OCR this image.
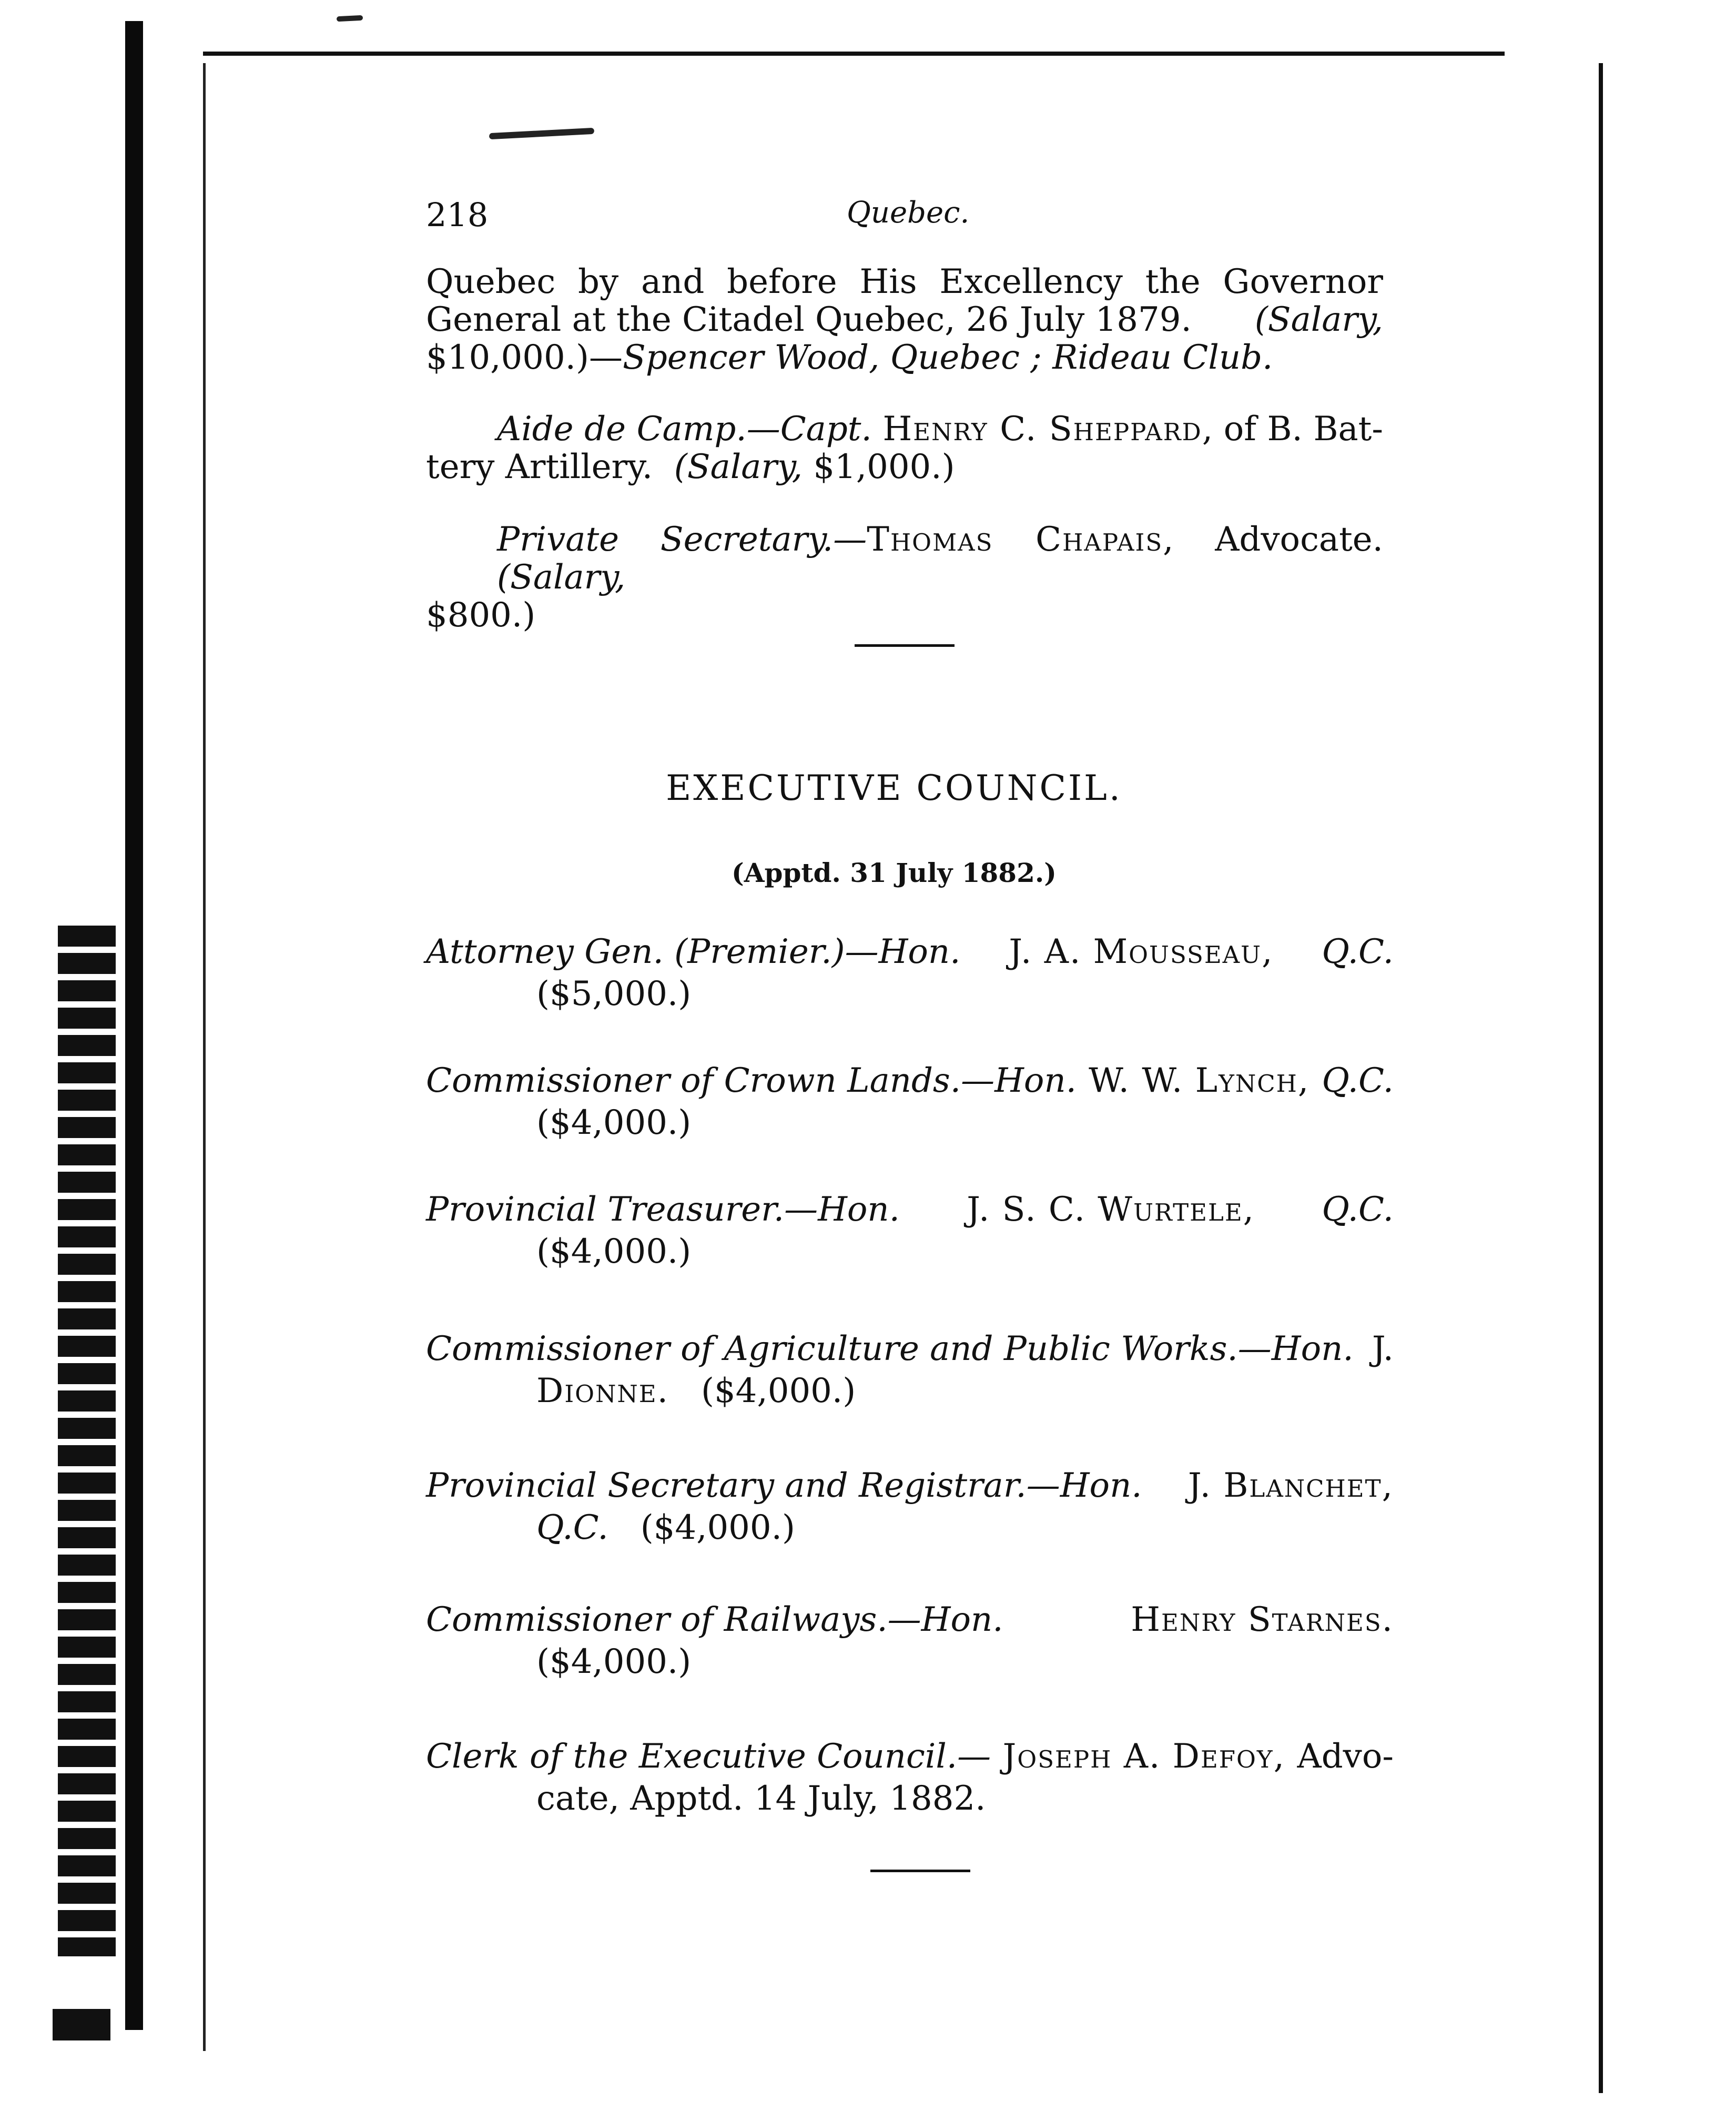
218	Quebec.
Quebec by and before His Excellency the Governor
General at the Citadel Quebec, 26 July 1879. (Salary,
$10,000.)—Spencer Wood, Quebec ; Rideau Club.
Aide de Camp.—Capt. Henry C. Sheppard, of B. Bat-
tery Artillery. (Salary, $1,000.)
Private Secretary.—Thomas Chapais, Advocate. (Salary,
$800.)
EXECUTIVE COUNCIL.
(Apptd. 31 July 1882.)
Attorney Gen. (Premier.)—Hon. J. A. Mousseau, Q.C.
($5,000.)
Commissioner of Crown Lands.—Hon. W. W. Lynch, Q.C.
($4,000.)
Provincial Treasurer.—Hon. J. S. C. Wurtele, Q.C.
($4,000.)
Commissioner of Agriculture and Public Works.—Hon. J.
Dionne. ($4,000.)
Provincial Secretary and Registrar.—Hon. J. Blanchet,
Q.C. ($4,000.)
Commissioner of Railways.—Hon.	Henry Starnes.
($4,000.)
Clerk of the Executive Council.— Joseph A. Defoy, Advo-
cate, Apptd. 14 July, 1882.
